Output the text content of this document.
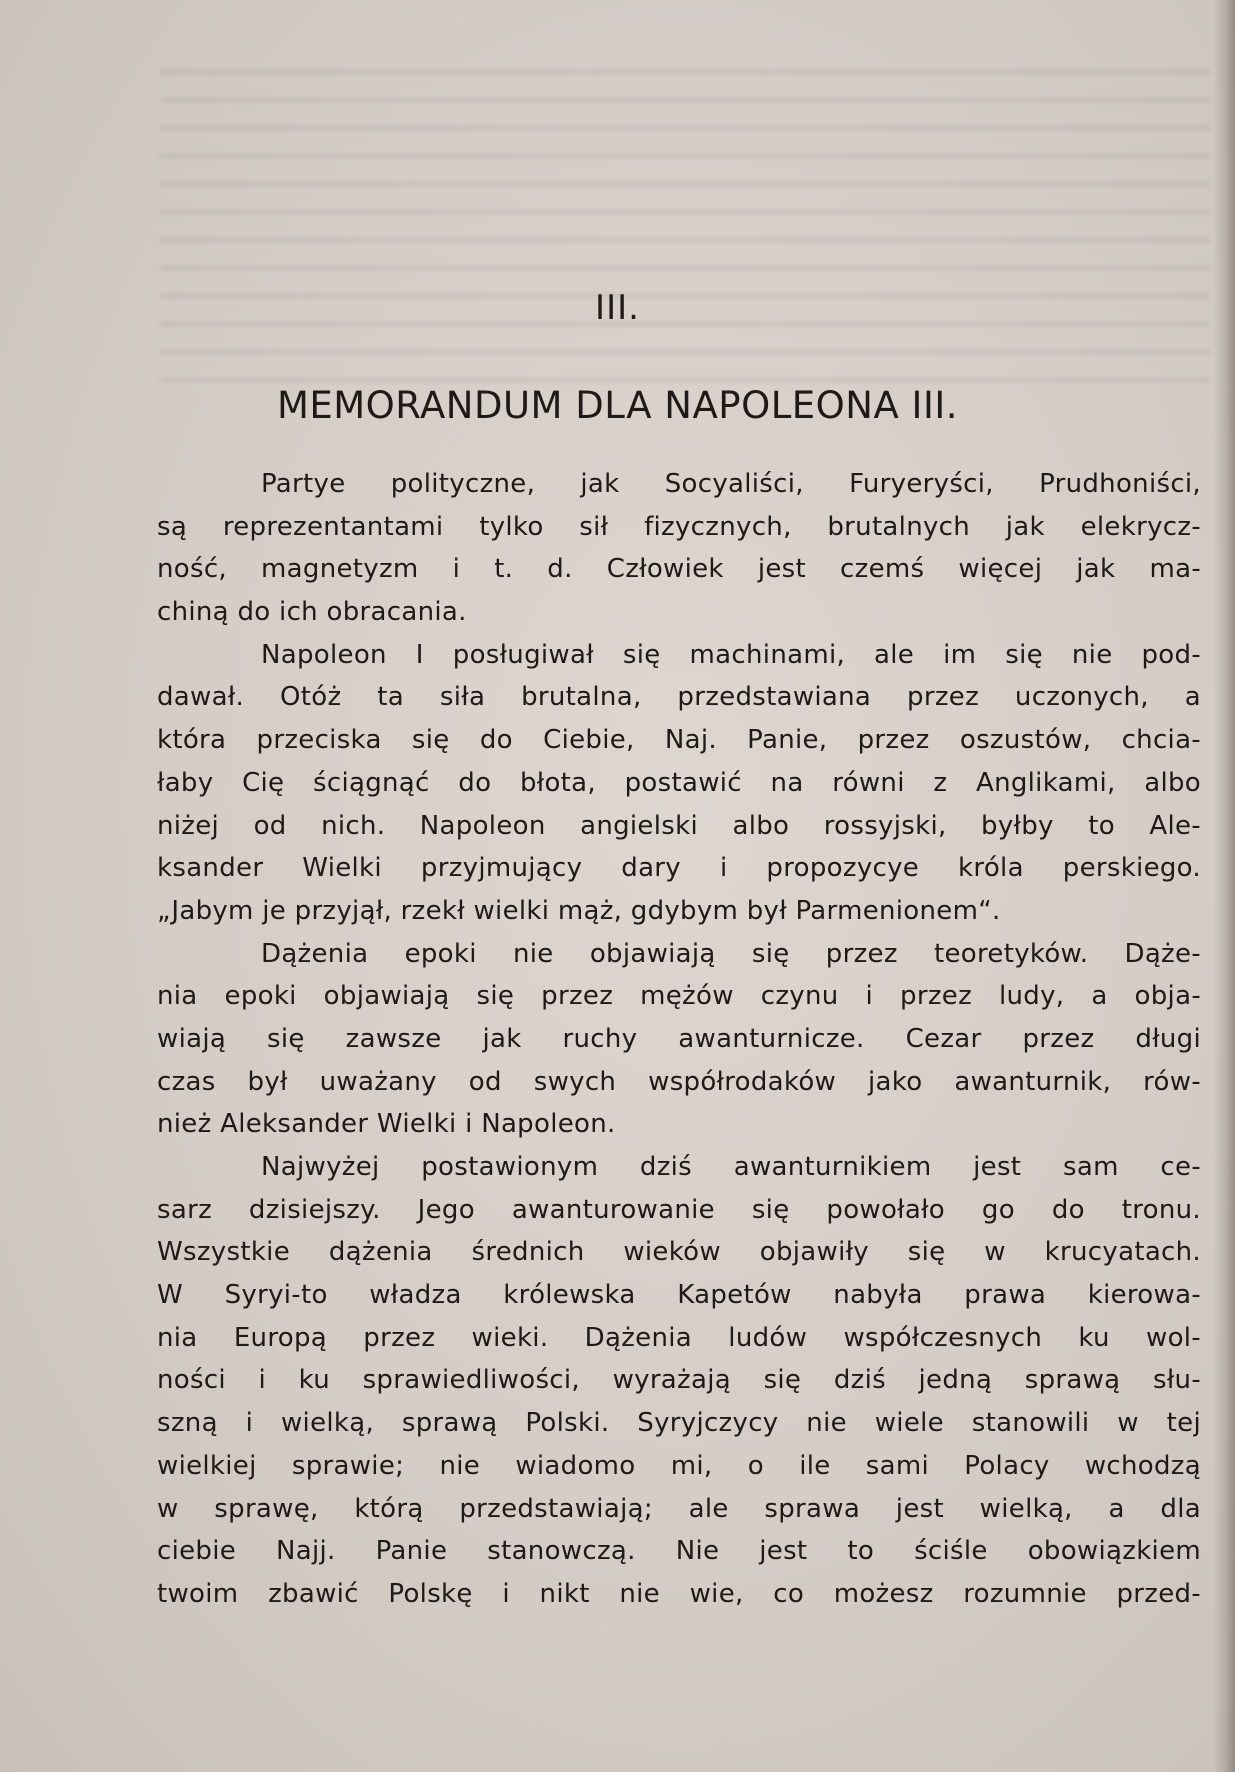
III.
MEMORANDUM DLA NAPOLEONA III.
Partye polityczne, jak Socyaliści, Furyeryści, Prudhoniści,
są reprezentantami tylko sił fizycznych, brutalnych jak elekrycz-
ność, magnetyzm i t. d. Człowiek jest czemś więcej jak ma-
chiną do ich obracania.
Napoleon I posługiwał się machinami, ale im się nie pod-
dawał. Otóż ta siła brutalna, przedstawiana przez uczonych, a
która przeciska się do Ciebie, Naj. Panie, przez oszustów, chcia-
łaby Cię ściągnąć do błota, postawić na równi z Anglikami, albo
niżej od nich. Napoleon angielski albo rossyjski, byłby to Ale-
ksander Wielki przyjmujący dary i propozycye króla perskiego.
„Jabym je przyjął, rzekł wielki mąż, gdybym był Parmenionem“.
Dążenia epoki nie objawiają się przez teoretyków. Dąże-
nia epoki objawiają się przez mężów czynu i przez ludy, a obja-
wiają się zawsze jak ruchy awanturnicze. Cezar przez długi
czas był uważany od swych współrodaków jako awanturnik, rów-
nież Aleksander Wielki i Napoleon.
Najwyżej postawionym dziś awanturnikiem jest sam ce-
sarz dzisiejszy. Jego awanturowanie się powołało go do tronu.
Wszystkie dążenia średnich wieków objawiły się w krucyatach.
W Syryi-to władza królewska Kapetów nabyła prawa kierowa-
nia Europą przez wieki. Dążenia ludów współczesnych ku wol-
ności i ku sprawiedliwości, wyrażają się dziś jedną sprawą słu-
szną i wielką, sprawą Polski. Syryjczycy nie wiele stanowili w tej
wielkiej sprawie; nie wiadomo mi, o ile sami Polacy wchodzą
w sprawę, którą przedstawiają; ale sprawa jest wielką, a dla
ciebie Najj. Panie stanowczą. Nie jest to ściśle obowiązkiem
twoim zbawić Polskę i nikt nie wie, co możesz rozumnie przed-
